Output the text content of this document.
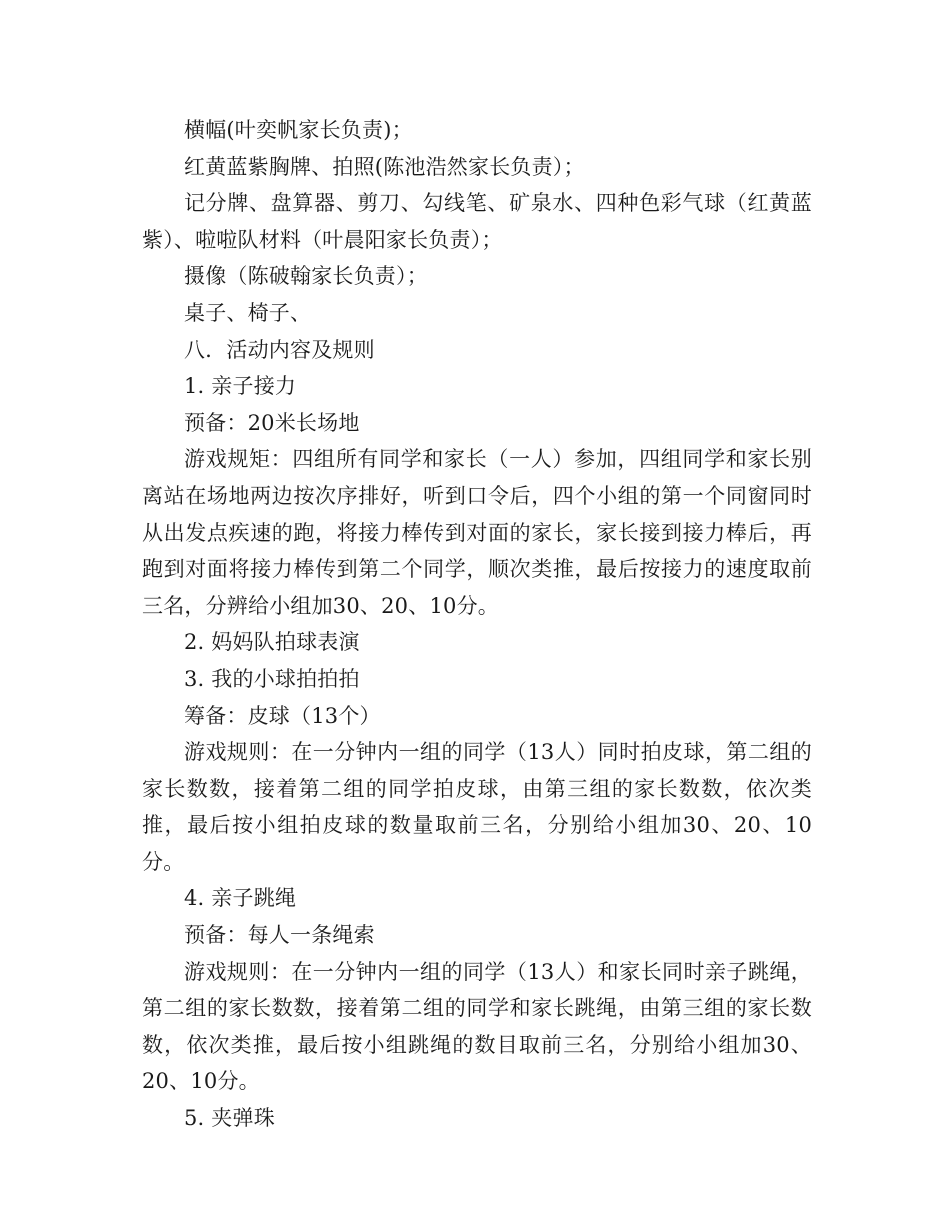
横幅(叶奕帆家长负责)；

红黄蓝紫胸牌、拍照(陈池浩然家长负责）；

记分牌、盘算器、剪刀、勾线笔、矿泉水、四种色彩气球（红黄蓝紫）、啦啦队材料（叶晨阳家长负责）；

摄像（陈破翰家长负责）；

桌子、椅子、

八．活动内容及规则

1. 亲子接力

预备：20米长场地

游戏规矩：四组所有同学和家长（一人）参加，四组同学和家长别离站在场地两边按次序排好，听到口令后，四个小组的第一个同窗同时从出发点疾速的跑，将接力棒传到对面的家长，家长接到接力棒后，再跑到对面将接力棒传到第二个同学，顺次类推，最后按接力的速度取前三名，分辨给小组加30、20、10分。

2. 妈妈队拍球表演

3. 我的小球拍拍拍

筹备：皮球（13个）

游戏规则：在一分钟内一组的同学（13人）同时拍皮球，第二组的家长数数，接着第二组的同学拍皮球，由第三组的家长数数，依次类推，最后按小组拍皮球的数量取前三名，分别给小组加30、20、10分。

4. 亲子跳绳

预备：每人一条绳索

游戏规则：在一分钟内一组的同学（13人）和家长同时亲子跳绳，第二组的家长数数，接着第二组的同学和家长跳绳，由第三组的家长数数，依次类推，最后按小组跳绳的数目取前三名，分别给小组加30、20、10分。

5. 夹弹珠
